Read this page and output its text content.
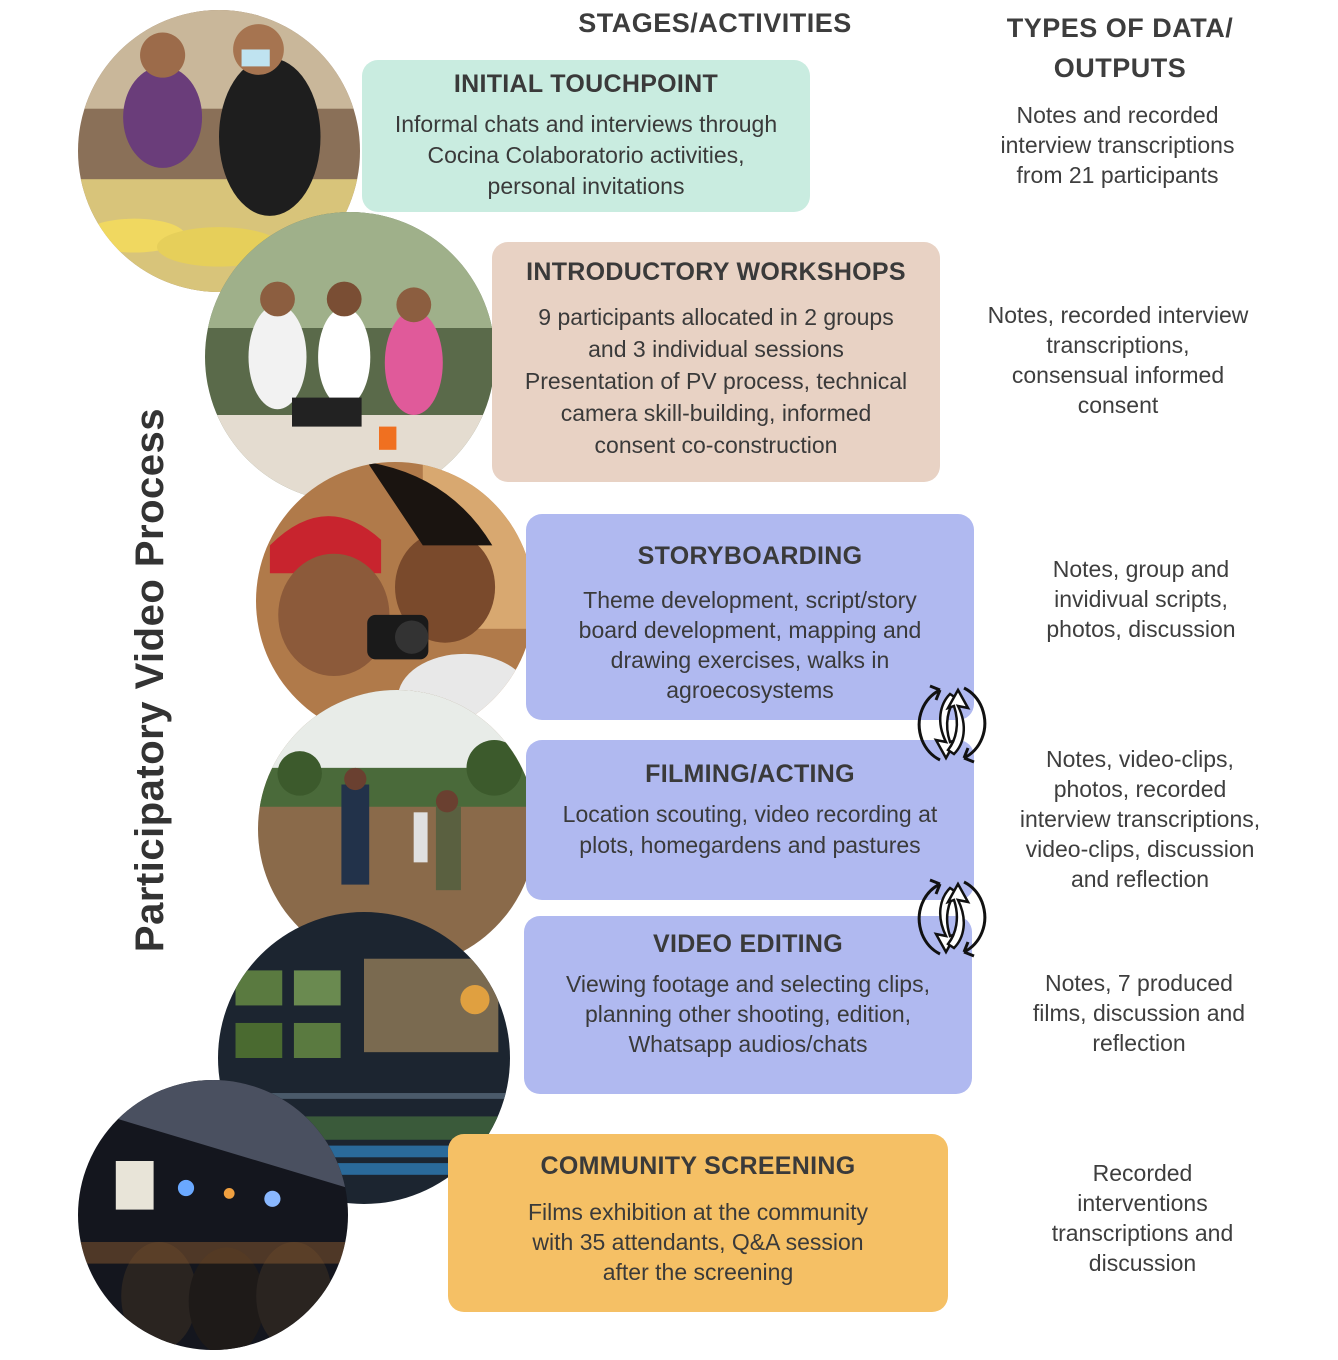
STAGES/ACTIVITIES	TYPES OF DATA/
OUTPUTS
Participatory Video Process
INITIAL TOUCHPOINT

Informal chats and interviews through

Cocina Colaboratorio activities,

personal invitations

INTRODUCTORY WORKSHOPS

9 participants allocated in 2 groups

and 3 individual sessions

Presentation of PV process, technical

camera skill-building, informed

consent co-construction

STORYBOARDING

Theme development, script/story

board development, mapping and

drawing exercises, walks in

agroecosystems

FILMING/ACTING

Location scouting, video recording at

plots, homegardens and pastures

VIDEO EDITING

Viewing footage and selecting clips,

planning other shooting, edition,

Whatsapp audios/chats

COMMUNITY SCREENING

Films exhibition at the community

with 35 attendants, Q&A session

after the screening

Notes and recorded
interview transcriptions
from 21 participants
Notes, recorded interview
transcriptions,
consensual informed
consent
Notes, group and
invidivual scripts,
photos, discussion
Notes, video-clips,
photos, recorded
interview transcriptions,
video-clips, discussion
and reflection
Notes, 7 produced
films, discussion and
reflection
Recorded
interventions
transcriptions and
discussion
